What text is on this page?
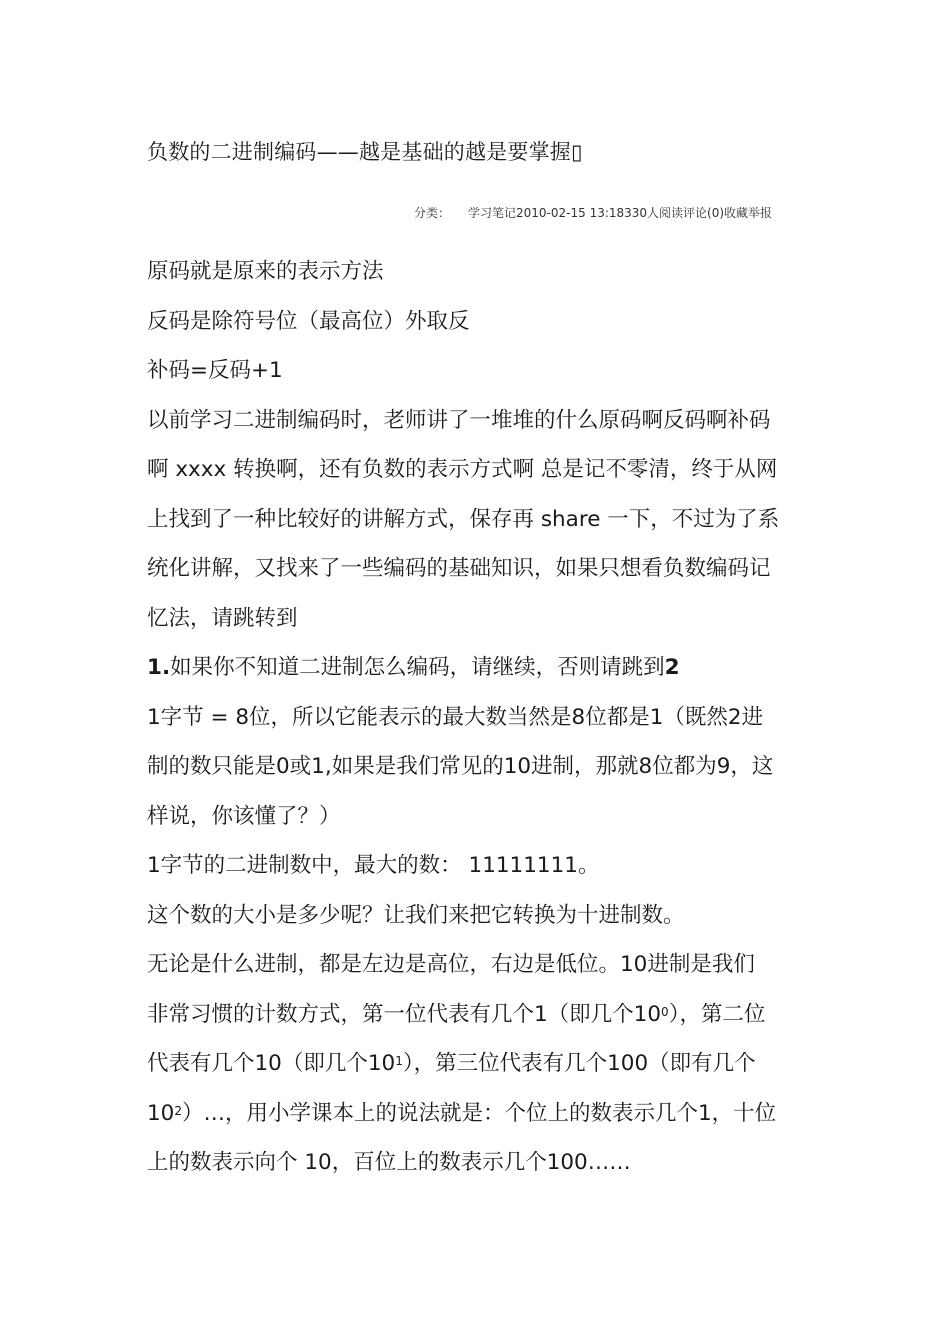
负数的二进制编码——越是基础的越是要掌握▯
分类： 学习笔记2010-02-15 13:18330人阅读评论(0)收藏举报
原码就是原来的表示方法
反码是除符号位（最高位）外取反
补码=反码+1
以前学习二进制编码时，老师讲了一堆堆的什么原码啊反码啊补码
啊 xxxx 转换啊，还有负数的表示方式啊 总是记不零清，终于从网
上找到了一种比较好的讲解方式，保存再 share 一下，不过为了系
统化讲解，又找来了一些编码的基础知识，如果只想看负数编码记
忆法，请跳转到
1.如果你不知道二进制怎么编码，请继续，否则请跳到2
1字节 = 8位，所以它能表示的最大数当然是8位都是1（既然2进
制的数只能是0或1,如果是我们常见的10进制，那就8位都为9，这
样说，你该懂了？）
1字节的二进制数中，最大的数： 11111111。
这个数的大小是多少呢？让我们来把它转换为十进制数。
无论是什么进制，都是左边是高位，右边是低位。10进制是我们
非常习惯的计数方式，第一位代表有几个1（即几个$10^0$），第二位
代表有几个10（即几个$10^1$），第三位代表有几个100（即有几个
$10^2)\dots$，用小学课本上的说法就是：个位上的数表示几个1，十位
上的数表示向个 10，百位上的数表示几个100……
